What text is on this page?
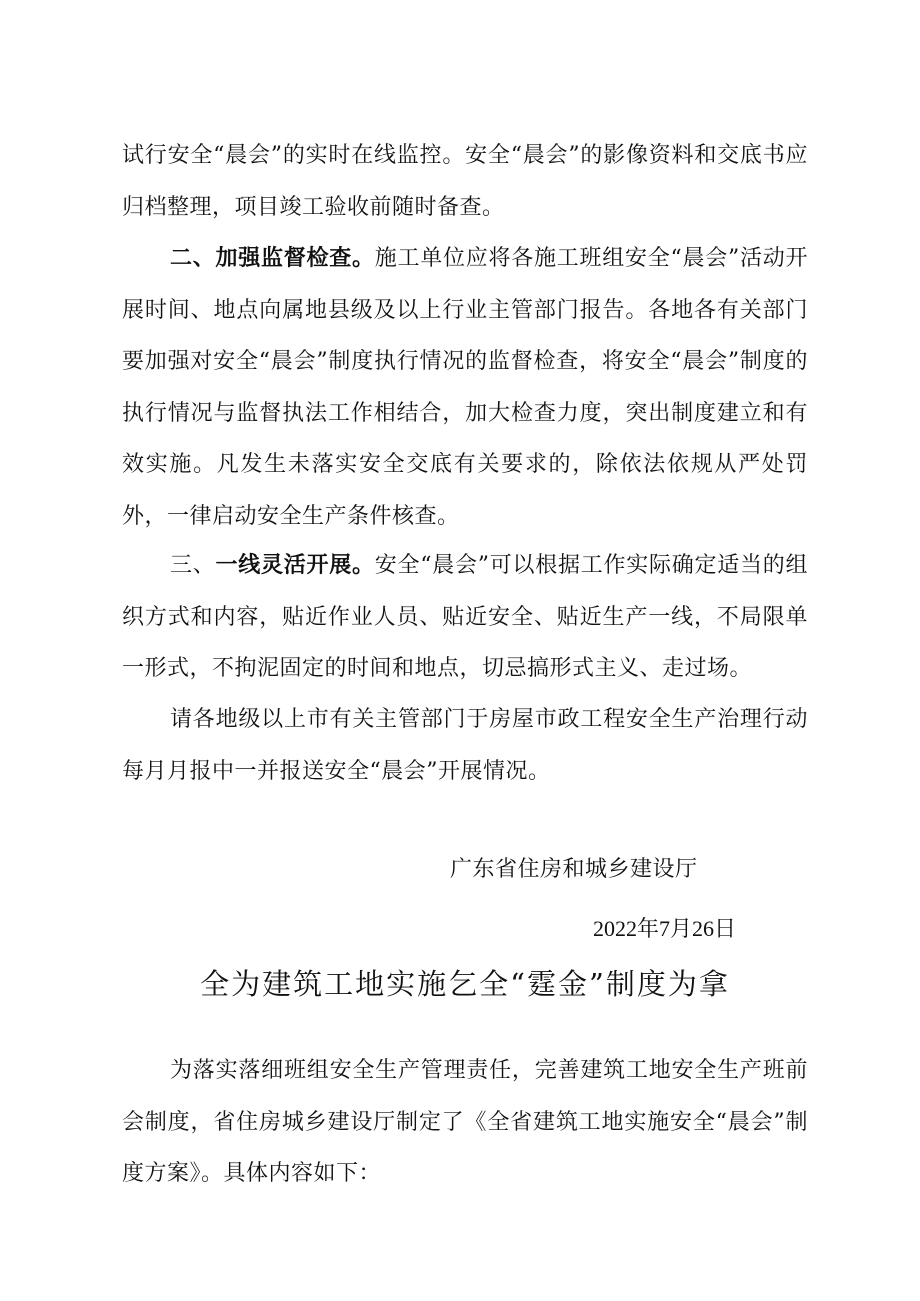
试行安全“晨会”的实时在线监控。安全“晨会”的影像资料和交底书应归档整理，项目竣工验收前随时备查。

二、加强监督检查。施工单位应将各施工班组安全“晨会”活动开展时间、地点向属地县级及以上行业主管部门报告。各地各有关部门要加强对安全“晨会”制度执行情况的监督检查，将安全“晨会”制度的执行情况与监督执法工作相结合，加大检查力度，突出制度建立和有效实施。凡发生未落实安全交底有关要求的，除依法依规从严处罚外，一律启动安全生产条件核查。

三、一线灵活开展。安全“晨会”可以根据工作实际确定适当的组织方式和内容，贴近作业人员、贴近安全、贴近生产一线，不局限单一形式，不拘泥固定的时间和地点，切忌搞形式主义、走过场。

请各地级以上市有关主管部门于房屋市政工程安全生产治理行动每月月报中一并报送安全“晨会”开展情况。

广东省住房和城乡建设厅

2022年7月26日

全为建筑工地实施乞全“霆金”制度为拿

为落实落细班组安全生产管理责任，完善建筑工地安全生产班前会制度，省住房城乡建设厅制定了《全省建筑工地实施安全“晨会”制度方案》。具体内容如下：
